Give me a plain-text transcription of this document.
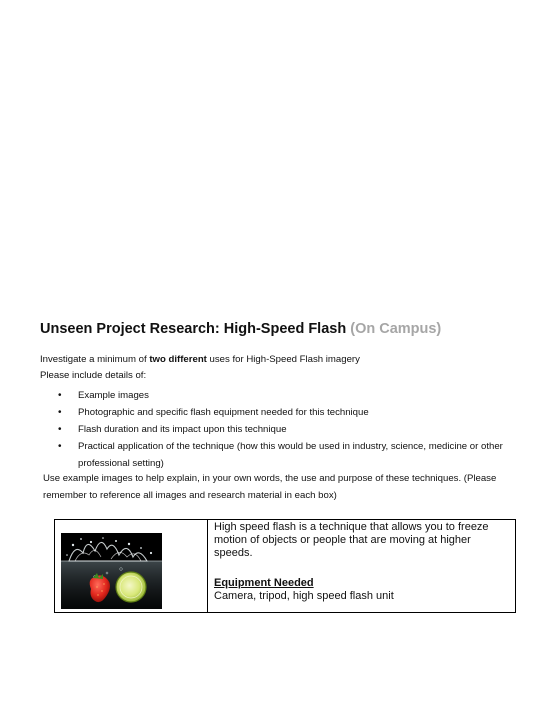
Unseen Project Research: High-Speed Flash (On Campus)
Investigate a minimum of two different uses for High-Speed Flash imagery
Please include details of:
• Example images
• Photographic and specific flash equipment needed for this technique
• Flash duration and its impact upon this technique
• Practical application of the technique (how this would be used in industry, science, medicine or other
professional setting)
Use example images to help explain, in your own words, the use and purpose of these techniques. (Please
remember to reference all images and research material in each box)
High speed flash is a technique that allows you to freeze motion of objects or people that are moving at higher speeds.
Equipment Needed
Camera, tripod, high speed flash unit
